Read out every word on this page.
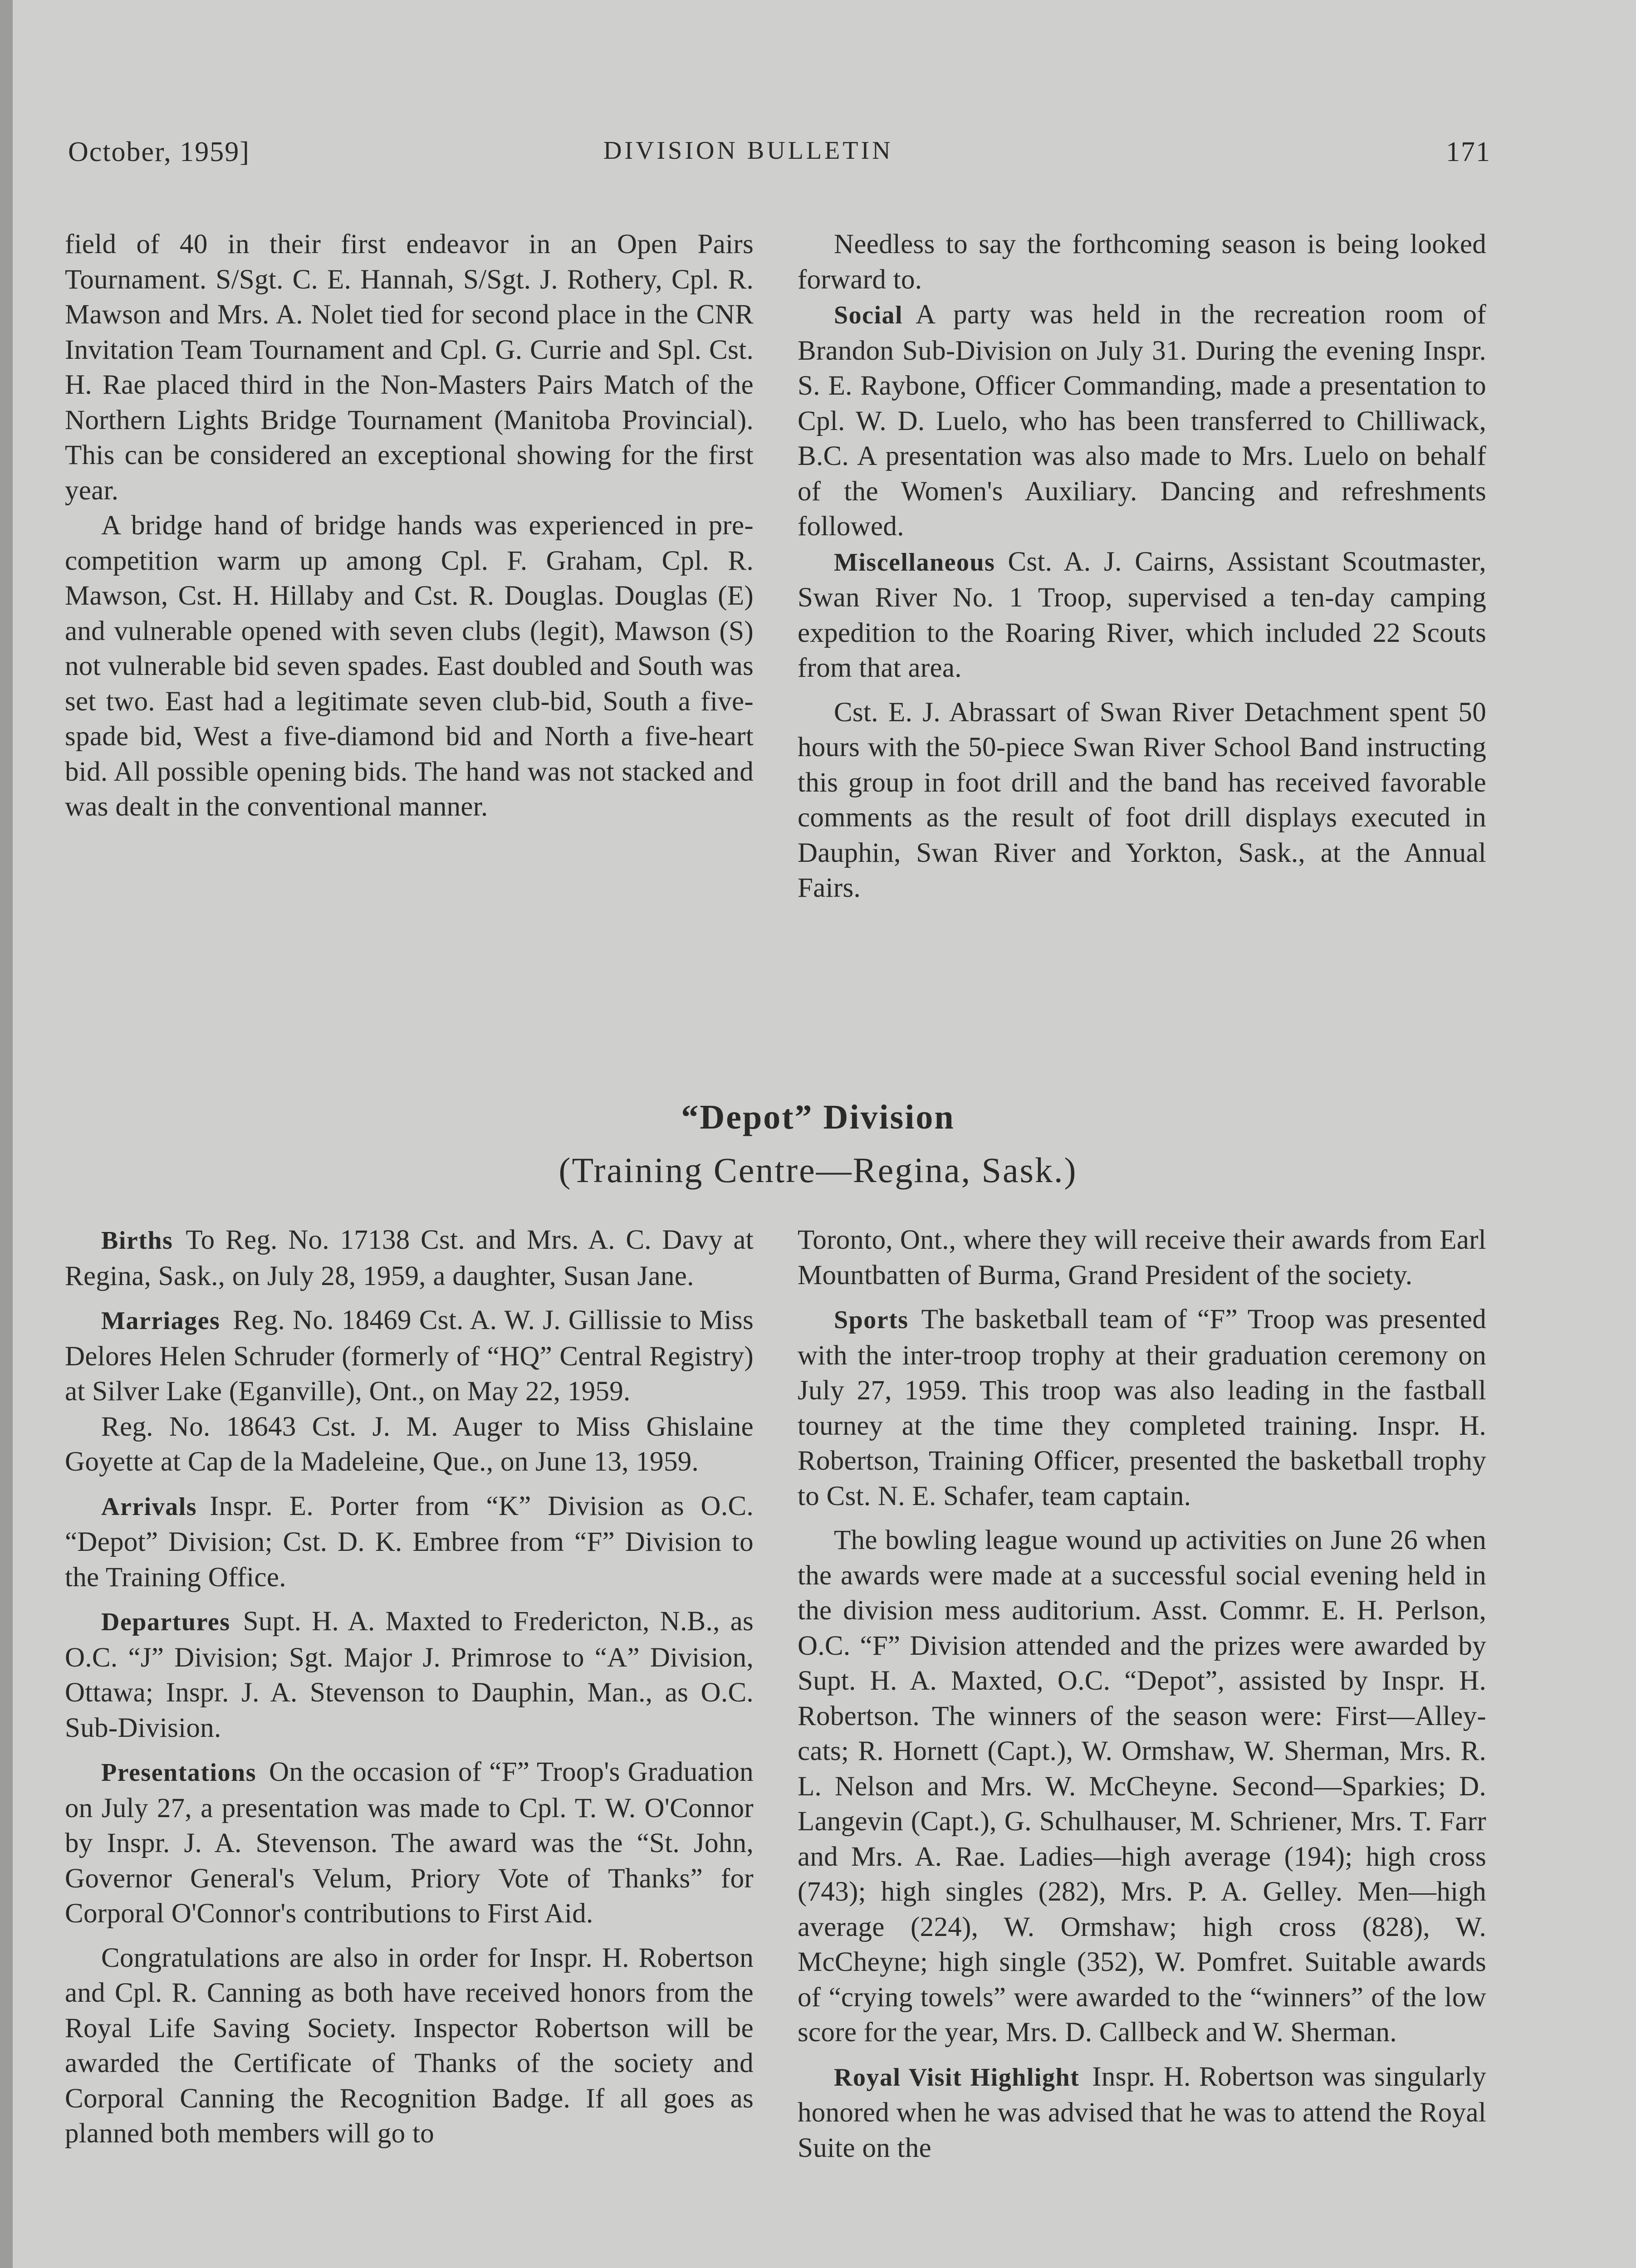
October, 1959]	DIVISION BULLETIN	171

field of 40 in their first endeavor in an Open Pairs Tournament. S/Sgt. C. E. Hannah, S/Sgt. J. Rothery, Cpl. R. Mawson and Mrs. A. Nolet tied for second place in the CNR Invitation Team Tournament and Cpl. G. Currie and Spl. Cst. H. Rae placed third in the Non-Masters Pairs Match of the Northern Lights Bridge Tournament (Manitoba Provincial). This can be considered an exceptional showing for the first year.

A bridge hand of bridge hands was experienced in pre-competition warm up among Cpl. F. Graham, Cpl. R. Mawson, Cst. H. Hillaby and Cst. R. Douglas. Douglas (E) and vulnerable opened with seven clubs (legit), Mawson (S) not vulnerable bid seven spades. East doubled and South was set two. East had a legitimate seven club-bid, South a five-spade bid, West a five-diamond bid and North a five-heart bid. All possible opening bids. The hand was not stacked and was dealt in the conventional manner.

Needless to say the forthcoming season is being looked forward to.

Social A party was held in the recreation room of Brandon Sub-Division on July 31. During the evening Inspr. S. E. Raybone, Officer Commanding, made a presentation to Cpl. W. D. Luelo, who has been transferred to Chilliwack, B.C. A presentation was also made to Mrs. Luelo on behalf of the Women's Auxiliary. Dancing and refreshments followed.

Miscellaneous Cst. A. J. Cairns, Assistant Scoutmaster, Swan River No. 1 Troop, supervised a ten-day camping expedition to the Roaring River, which included 22 Scouts from that area.

Cst. E. J. Abrassart of Swan River Detachment spent 50 hours with the 50-piece Swan River School Band instructing this group in foot drill and the band has received favorable comments as the result of foot drill displays executed in Dauphin, Swan River and Yorkton, Sask., at the Annual Fairs.

“Depot” Division
(Training Centre—Regina, Sask.)

Births To Reg. No. 17138 Cst. and Mrs. A. C. Davy at Regina, Sask., on July 28, 1959, a daughter, Susan Jane.

Marriages Reg. No. 18469 Cst. A. W. J. Gillissie to Miss Delores Helen Schruder (formerly of “HQ” Central Registry) at Silver Lake (Eganville), Ont., on May 22, 1959.

Reg. No. 18643 Cst. J. M. Auger to Miss Ghislaine Goyette at Cap de la Madeleine, Que., on June 13, 1959.

Arrivals Inspr. E. Porter from “K” Division as O.C. “Depot” Division; Cst. D. K. Embree from “F” Division to the Training Office.

Departures Supt. H. A. Maxted to Fredericton, N.B., as O.C. “J” Division; Sgt. Major J. Primrose to “A” Division, Ottawa; Inspr. J. A. Stevenson to Dauphin, Man., as O.C. Sub-Division.

Presentations On the occasion of “F” Troop's Graduation on July 27, a presentation was made to Cpl. T. W. O'Connor by Inspr. J. A. Stevenson. The award was the “St. John, Governor General's Velum, Priory Vote of Thanks” for Corporal O'Connor's contributions to First Aid.

Congratulations are also in order for Inspr. H. Robertson and Cpl. R. Canning as both have received honors from the Royal Life Saving Society. Inspector Robertson will be awarded the Certificate of Thanks of the society and Corporal Canning the Recognition Badge. If all goes as planned both members will go to

Toronto, Ont., where they will receive their awards from Earl Mountbatten of Burma, Grand President of the society.

Sports The basketball team of “F” Troop was presented with the inter-troop trophy at their graduation ceremony on July 27, 1959. This troop was also leading in the fastball tourney at the time they completed training. Inspr. H. Robertson, Training Officer, presented the basketball trophy to Cst. N. E. Schafer, team captain.

The bowling league wound up activities on June 26 when the awards were made at a successful social evening held in the division mess auditorium. Asst. Commr. E. H. Perlson, O.C. “F” Division attended and the prizes were awarded by Supt. H. A. Maxted, O.C. “Depot”, assisted by Inspr. H. Robertson. The winners of the season were: First—Alley-cats; R. Hornett (Capt.), W. Ormshaw, W. Sherman, Mrs. R. L. Nelson and Mrs. W. McCheyne. Second—Sparkies; D. Langevin (Capt.), G. Schulhauser, M. Schriener, Mrs. T. Farr and Mrs. A. Rae. Ladies—high average (194); high cross (743); high singles (282), Mrs. P. A. Gelley. Men—high average (224), W. Ormshaw; high cross (828), W. McCheyne; high single (352), W. Pomfret. Suitable awards of “crying towels” were awarded to the “winners” of the low score for the year, Mrs. D. Callbeck and W. Sherman.

Royal Visit Highlight Inspr. H. Robertson was singularly honored when he was advised that he was to attend the Royal Suite on the
